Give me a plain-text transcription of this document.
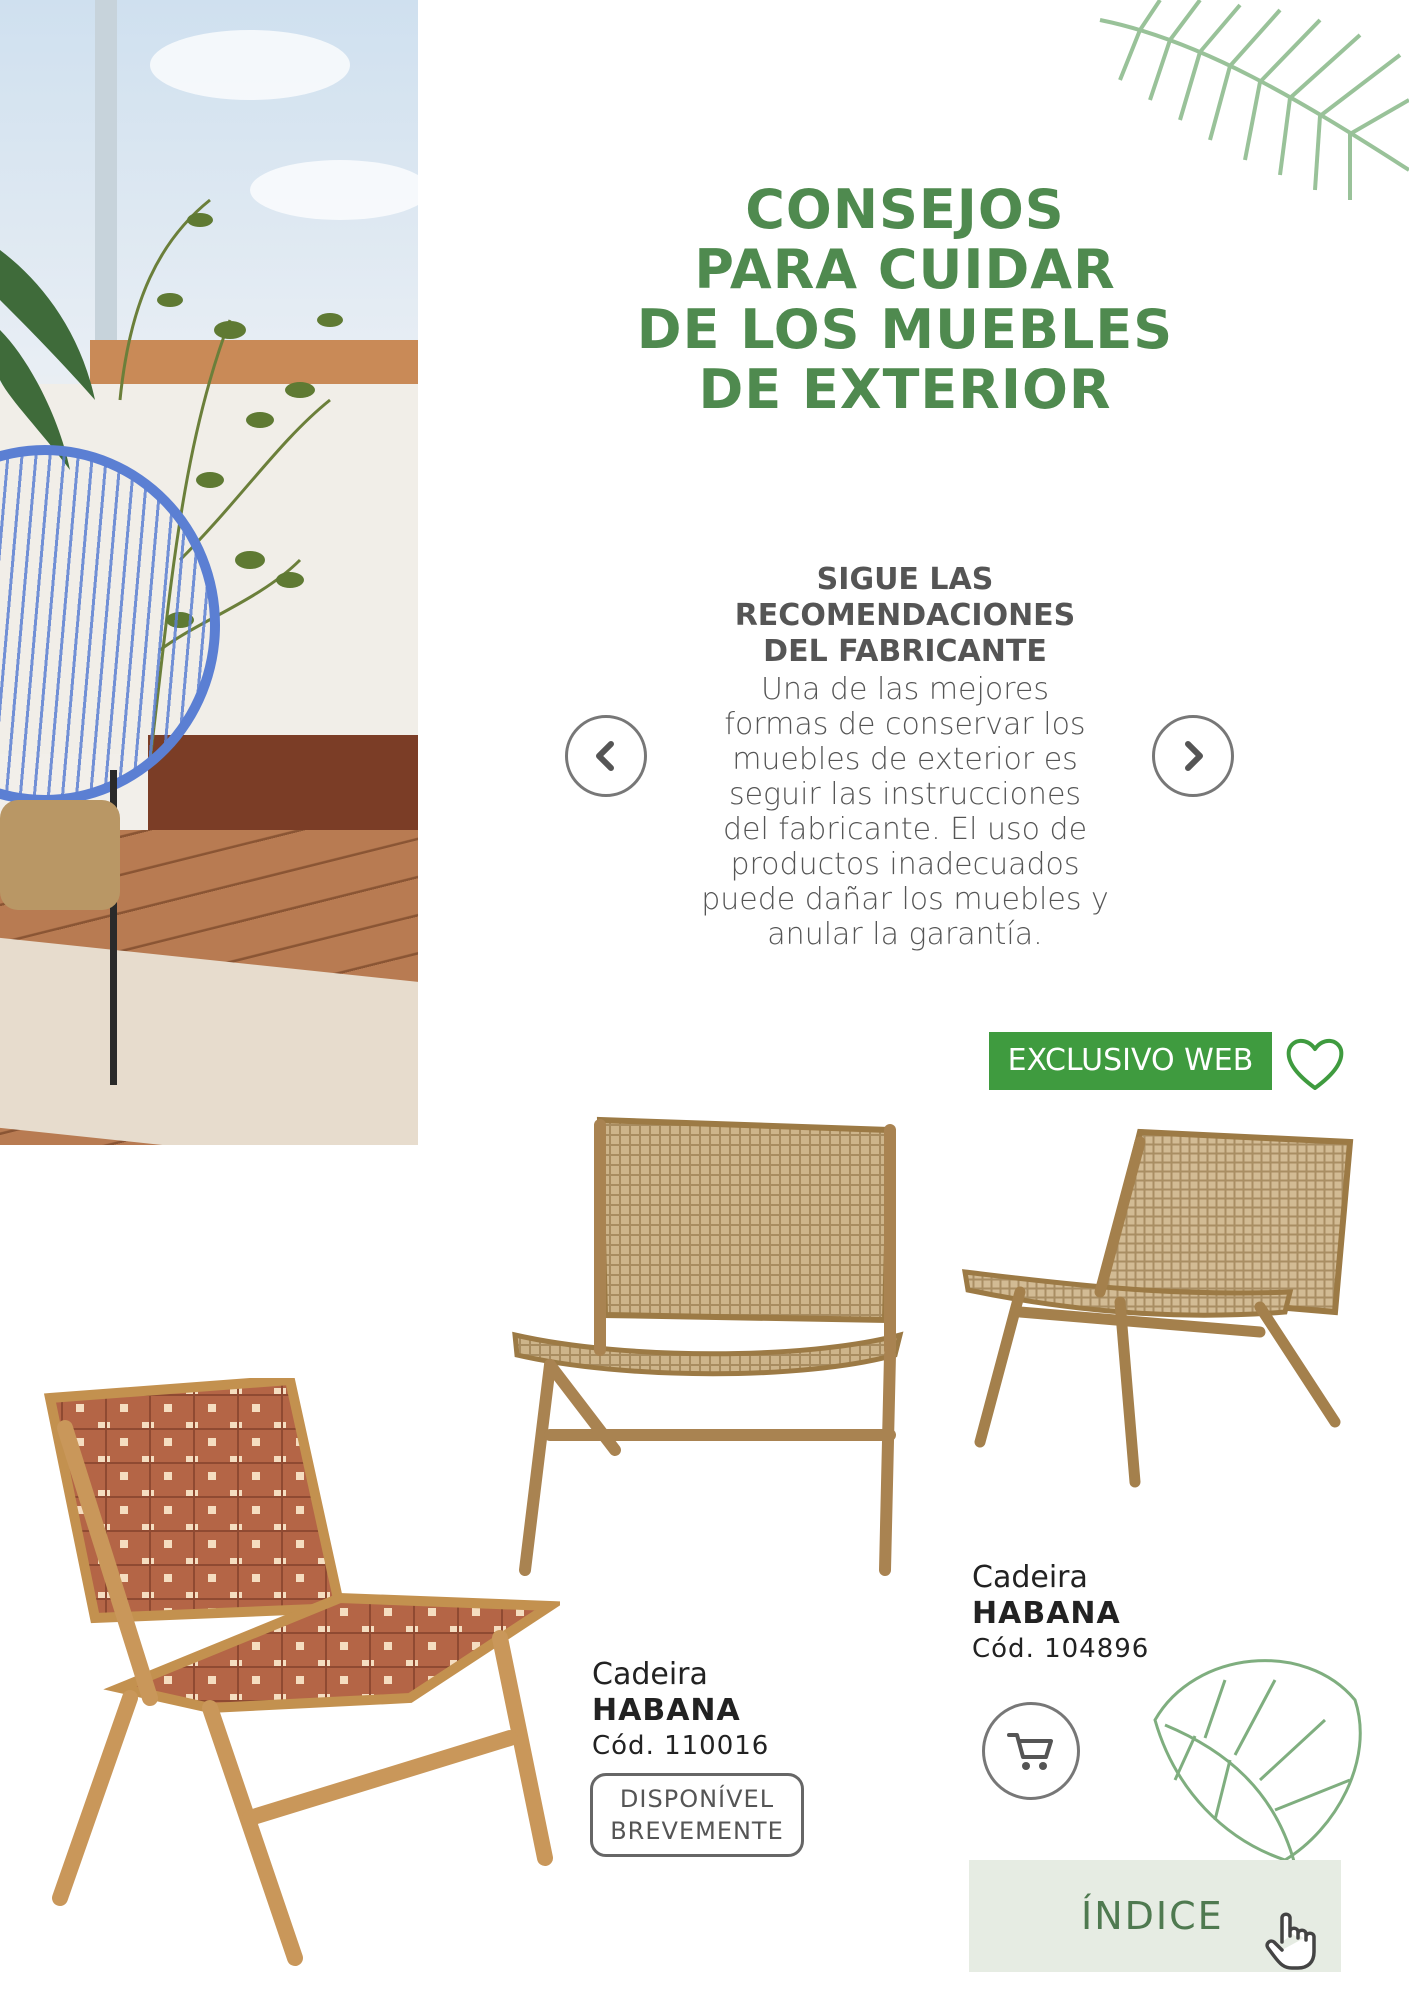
CONSEJOS
PARA CUIDAR
DE LOS MUEBLES
DE EXTERIOR
SIGUE LAS
RECOMENDACIONES
DEL FABRICANTE
Una de las mejores
formas de conservar los
muebles de exterior es
seguir las instrucciones
del fabricante. El uso de
productos inadecuados
puede dañar los muebles y
anular la garantía.
EXCLUSIVO WEB
Cadeira
HABANA
Cód. 110016
DISPONÍVEL
BREVEMENTE
Cadeira
HABANA
Cód. 104896
ÍNDICE
